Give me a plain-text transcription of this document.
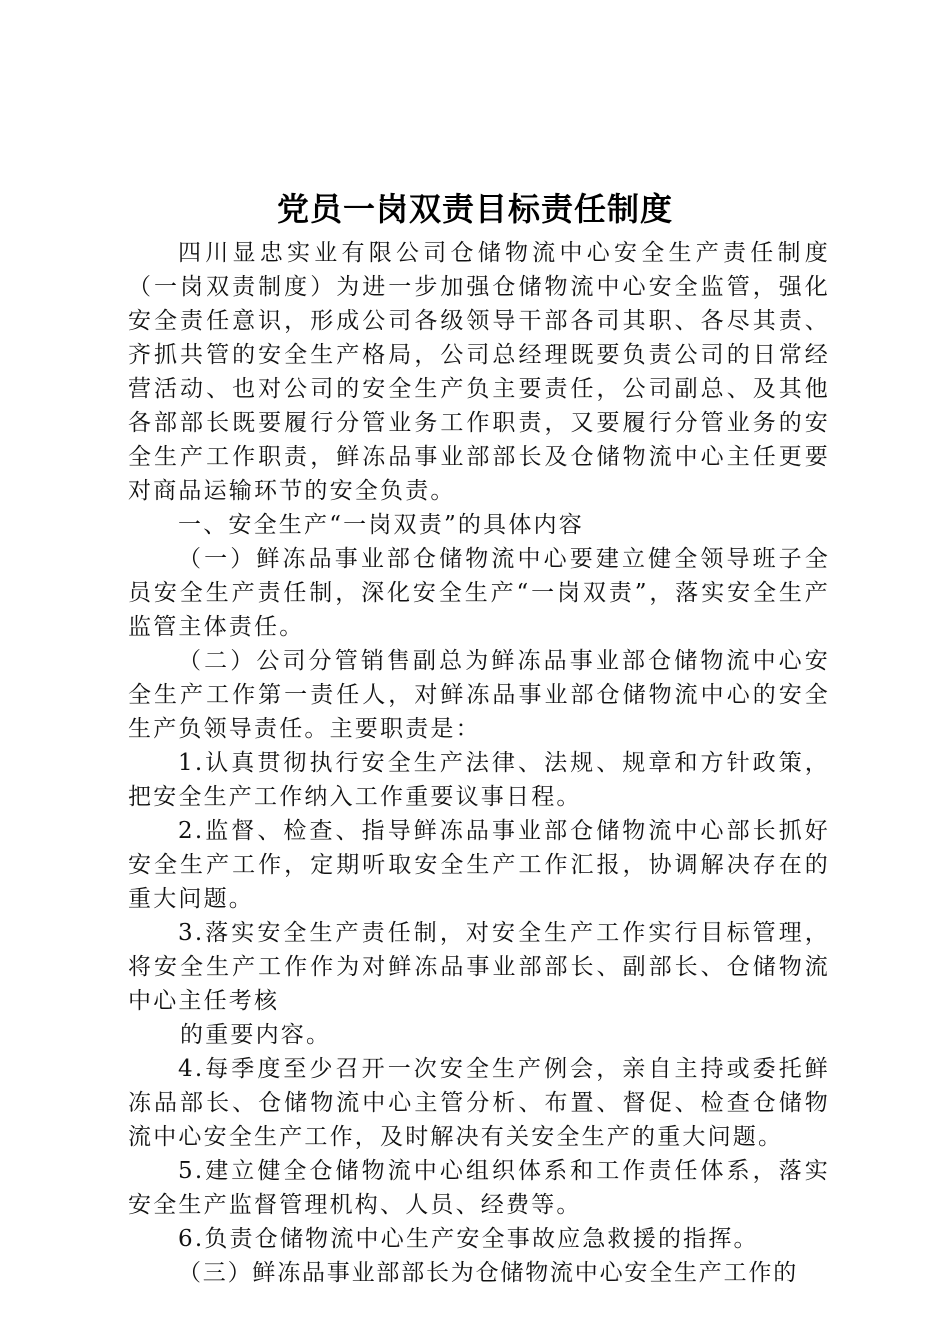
党员一岗双责目标责任制度

四川显忠实业有限公司仓储物流中心安全生产责任制度（一岗双责制度）为进一步加强仓储物流中心安全监管，强化安全责任意识，形成公司各级领导干部各司其职、各尽其责、齐抓共管的安全生产格局，公司总经理既要负责公司的日常经营活动、也对公司的安全生产负主要责任，公司副总、及其他各部部长既要履行分管业务工作职责，又要履行分管业务的安全生产工作职责，鲜冻品事业部部长及仓储物流中心主任更要对商品运输环节的安全负责。

一、安全生产“一岗双责”的具体内容

（一）鲜冻品事业部仓储物流中心要建立健全领导班子全员安全生产责任制，深化安全生产“一岗双责”，落实安全生产监管主体责任。

（二）公司分管销售副总为鲜冻品事业部仓储物流中心安全生产工作第一责任人，对鲜冻品事业部仓储物流中心的安全生产负领导责任。主要职责是：

1.认真贯彻执行安全生产法律、法规、规章和方针政策，把安全生产工作纳入工作重要议事日程。

2.监督、检查、指导鲜冻品事业部仓储物流中心部长抓好安全生产工作，定期听取安全生产工作汇报，协调解决存在的重大问题。

3.落实安全生产责任制，对安全生产工作实行目标管理，将安全生产工作作为对鲜冻品事业部部长、副部长、仓储物流中心主任考核

的重要内容。

4.每季度至少召开一次安全生产例会，亲自主持或委托鲜冻品部长、仓储物流中心主管分析、布置、督促、检查仓储物流中心安全生产工作，及时解决有关安全生产的重大问题。

5.建立健全仓储物流中心组织体系和工作责任体系，落实安全生产监督管理机构、人员、经费等。

6.负责仓储物流中心生产安全事故应急救援的指挥。

（三）鲜冻品事业部部长为仓储物流中心安全生产工作的
